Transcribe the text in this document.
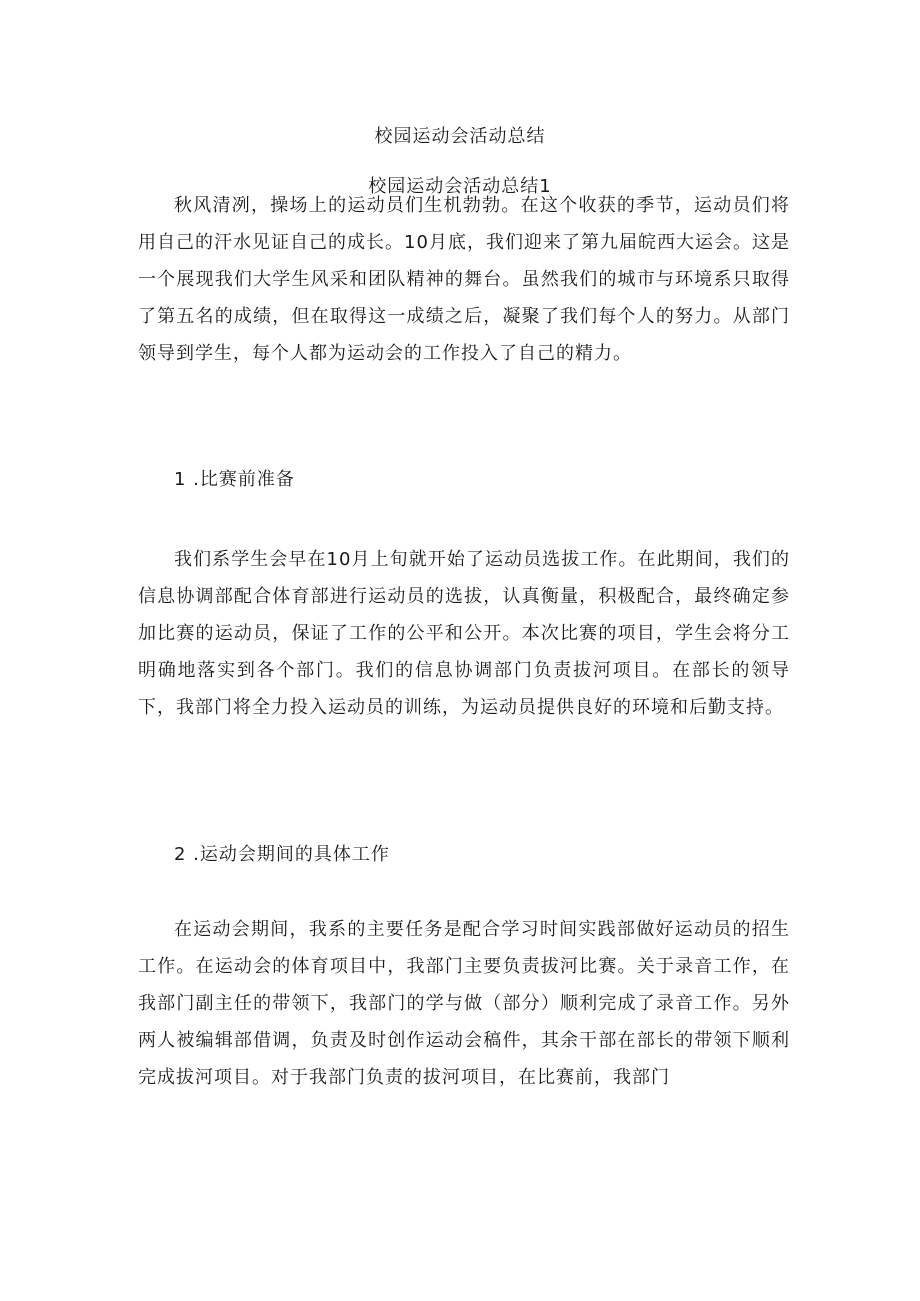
校园运动会活动总结
校园运动会活动总结1

秋风清冽，操场上的运动员们生机勃勃。在这个收获的季节，运动员们将用自己的汗水见证自己的成长。10月底，我们迎来了第九届皖西大运会。这是一个展现我们大学生风采和团队精神的舞台。虽然我们的城市与环境系只取得了第五名的成绩，但在取得这一成绩之后，凝聚了我们每个人的努力。从部门领导到学生，每个人都为运动会的工作投入了自己的精力。

1 .比赛前准备

我们系学生会早在10月上旬就开始了运动员选拔工作。在此期间，我们的信息协调部配合体育部进行运动员的选拔，认真衡量，积极配合，最终确定参加比赛的运动员，保证了工作的公平和公开。本次比赛的项目，学生会将分工明确地落实到各个部门。我们的信息协调部门负责拔河项目。在部长的领导下，我部门将全力投入运动员的训练，为运动员提供良好的环境和后勤支持。

2 .运动会期间的具体工作

在运动会期间，我系的主要任务是配合学习时间实践部做好运动员的招生工作。在运动会的体育项目中，我部门主要负责拔河比赛。关于录音工作，在我部门副主任的带领下，我部门的学与做（部分）顺利完成了录音工作。另外两人被编辑部借调，负责及时创作运动会稿件，其余干部在部长的带领下顺利完成拔河项目。对于我部门负责的拔河项目，在比赛前，我部门
